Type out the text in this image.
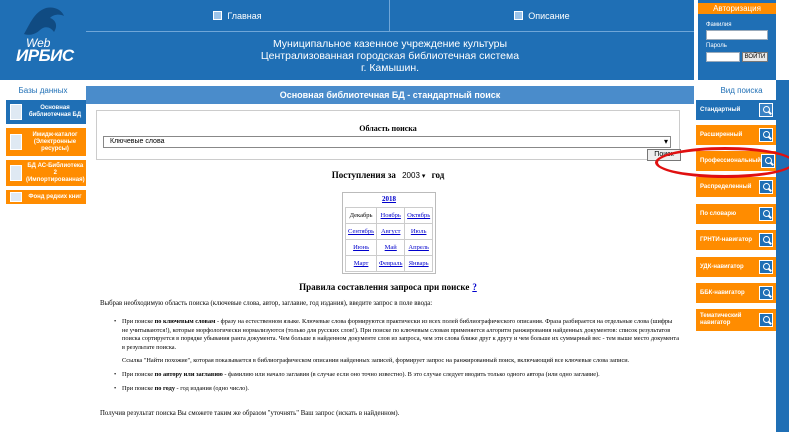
Web
ИРБИС
Главная	Описание
Муниципальное казенное учреждение культуры
Централизованная городская библиотечная система
г. Камышин.
Авторизация
Фамилия
Пароль
ВОЙТИ
Базы данных
Основная библиотечная БД
Имидж-каталог (Электронные ресурсы)
БД АС-Библиотека 2 (Импортированная)
Фонд редких книг
Вид поиска
Стандартный
Расширенный
Профессиональный
Распределенный
По словарю
ГРНТИ-навигатор
УДК-навигатор
ББК-навигатор
Тематический навигатор
Основная библиотечная БД - стандартный поиск
Область поиска
Ключевые слова ▾
Поиск
Поступления за 2003 ▾ год
2018
Декабрь	Ноябрь	Октябрь
Сентябрь	Август	Июль
Июнь	Май	Апрель
Март	Февраль	Январь
Правила составления запроса при поиске ?
Выбрав необходимую область поиска (ключевые слова, автор, заглавие, год издания), введите запрос в поле ввода:

• При поиске по ключевым словам - фразу на естественном языке. Ключевые слова формируются практически из всех полей библиографического описания. Фраза разбирается на отдельные слова (шифры не учитываются!), которые морфологически нормализуются (только для русских слов!). При поиске по ключевым словам применяется алгоритм ранжирования найденных документов: список результатов поиска сортируется в порядке убывания ранга документа. Чем больше в найденном документе слов из запроса, чем эти слова ближе друг к другу и чем больше их суммарный вес - тем выше место документа в результате поиска.

Ссылка "Найти похожие", которая показывается в библиографическом описании найденных записей, формирует запрос на ранжированный поиск, включающий все ключевые слова записи.

• При поиске по автору или заглавию - фамилию или начало заглавия (в случае если оно точно известно). В это случае следует вводить только одного автора (или одно заглавие).

• При поиске по году - год издания (одно число).

Получив результат поиска Вы сможете таким же образом "уточнять" Ваш запрос (искать в найденном).
